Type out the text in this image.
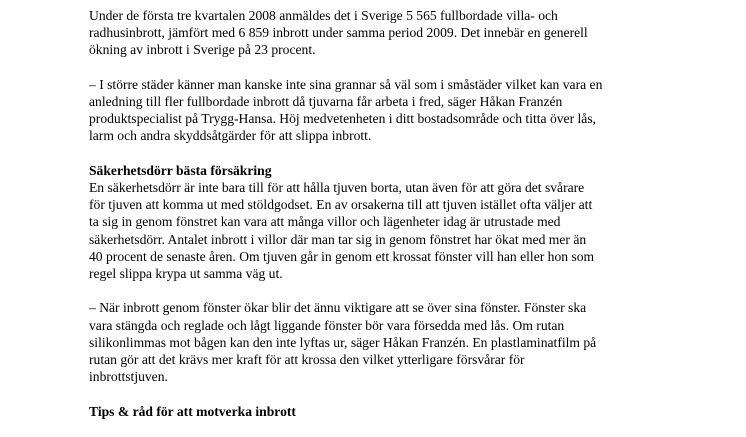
Under de första tre kvartalen 2008 anmäldes det i Sverige 5 565 fullbordade villa- och
radhusinbrott, jämfört med 6 859 inbrott under samma period 2009. Det innebär en generell
ökning av inbrott i Sverige på 23 procent.

– I större städer känner man kanske inte sina grannar så väl som i småstäder vilket kan vara en
anledning till fler fullbordade inbrott då tjuvarna får arbeta i fred, säger Håkan Franzén
produktspecialist på Trygg-Hansa. Höj medvetenheten i ditt bostadsområde och titta över lås,
larm och andra skyddsåtgärder för att slippa inbrott.

Säkerhetsdörr bästa försäkring
En säkerhetsdörr är inte bara till för att hålla tjuven borta, utan även för att göra det svårare
för tjuven att komma ut med stöldgodset. En av orsakerna till att tjuven istället ofta väljer att
ta sig in genom fönstret kan vara att många villor och lägenheter idag är utrustade med
säkerhetsdörr. Antalet inbrott i villor där man tar sig in genom fönstret har ökat med mer än
40 procent de senaste åren. Om tjuven går in genom ett krossat fönster vill han eller hon som
regel slippa krypa ut samma väg ut.

– När inbrott genom fönster ökar blir det ännu viktigare att se över sina fönster. Fönster ska
vara stängda och reglade och lågt liggande fönster bör vara försedda med lås. Om rutan
silikonlimmas mot bågen kan den inte lyftas ur, säger Håkan Franzén. En plastlaminatfilm på
rutan gör att det krävs mer kraft för att krossa den vilket ytterligare försvårar för
inbrottstjuven.

Tips & råd för att motverka inbrott
